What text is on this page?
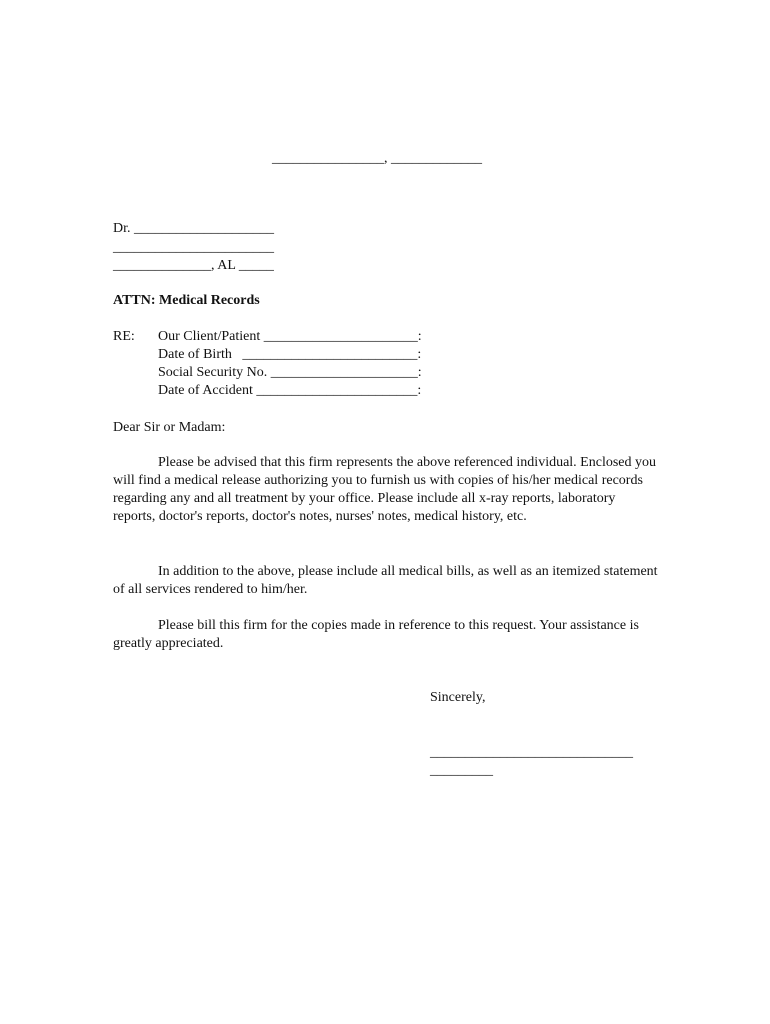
________________, _____________
Dr. ____________________
_______________________
______________, AL _____
ATTN: Medical Records
RE: Our Client/Patient ______________________:
Date of Birth   _________________________:
Social Security No. _____________________:
Date of Accident _______________________:
Dear Sir or Madam:

Please be advised that this firm represents the above referenced individual. Enclosed you will find a medical release authorizing you to furnish us with copies of his/her medical records regarding any and all treatment by your office. Please include all x-ray reports, laboratory reports, doctor's reports, doctor's notes, nurses' notes, medical history, etc.

In addition to the above, please include all medical bills, as well as an itemized statement of all services rendered to him/her.

Please bill this firm for the copies made in reference to this request. Your assistance is greatly appreciated.

Sincerely,
_____________________________
_________
